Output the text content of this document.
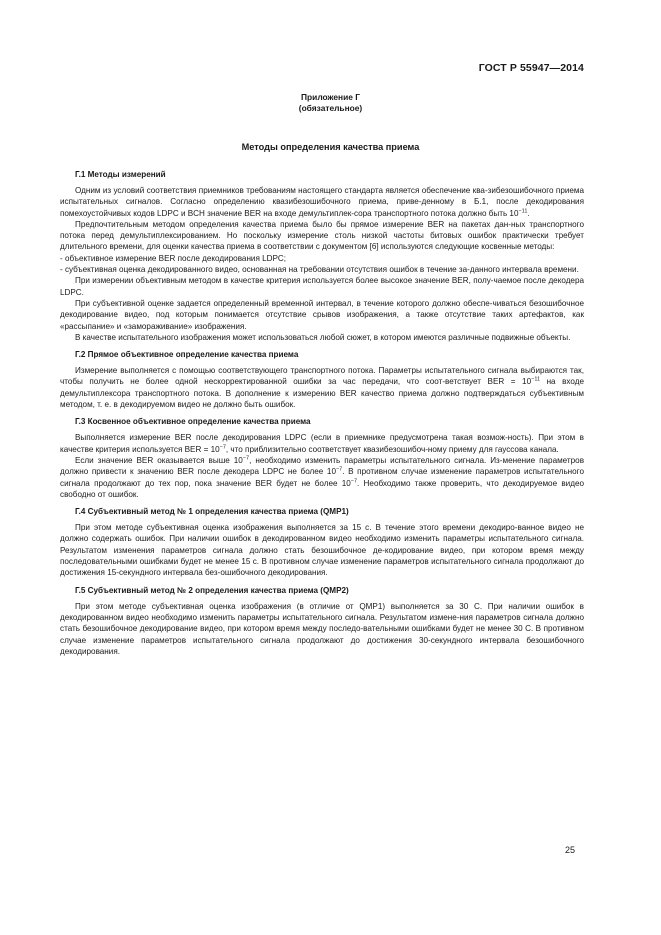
ГОСТ Р 55947—2014
Приложение Г
(обязательное)
Методы определения качества приема
Г.1 Методы измерений

Одним из условий соответствия приемников требованиям настоящего стандарта является обеспечение ква-зибезошибочного приема испытательных сигналов. Согласно определению квазибезошибочного приема, приве-денному в Б.1, после декодирования помехоустойчивых кодов LDPC и BCH значение BER на входе демультиплек-сора транспортного потока должно быть $10^{-11}$.

Предпочтительным методом определения качества приема было бы прямое измерение BER на пакетах дан-ных транспортного потока перед демультиплексированием. Но поскольку измерение столь низкой частоты битовых ошибок практически требует длительного времени, для оценки качества приема в соответствии с документом [6] используются следующие косвенные методы:

- объективное измерение BER после декодирования LDPC;

- субъективная оценка декодированного видео, основанная на требовании отсутствия ошибок в течение за-данного интервала времени.

При измерении объективным методом в качестве критерия используется более высокое значение BER, полу-чаемое после декодера LDPC.

При субъективной оценке задается определенный временной интервал, в течение которого должно обеспе-чиваться безошибочное декодирование видео, под которым понимается отсутствие срывов изображения, а также отсутствие таких артефактов, как «рассыпание» и «замораживание» изображения.

В качестве испытательного изображения может использоваться любой сюжет, в котором имеются различные подвижные объекты.

Г.2 Прямое объективное определение качества приема

Измерение выполняется с помощью соответствующего транспортного потока. Параметры испытательного сигнала выбираются так, чтобы получить не более одной нескорректированной ошибки за час передачи, что соот-ветствует BER = $10^{-11}$ на входе демультиплексора транспортного потока. В дополнение к измерению BER качество приема должно подтверждаться субъективным методом, т. е. в декодируемом видео не должно быть ошибок.

Г.3 Косвенное объективное определение качества приема

Выполняется измерение BER после декодирования LDPC (если в приемнике предусмотрена такая возмож-ность). При этом в качестве критерия используется BER = $10^{-7}$, что приблизительно соответствует квазибезошибоч-ному приему для гауссова канала.

Если значение BER оказывается выше $10^{-7}$, необходимо изменить параметры испытательного сигнала. Из-менение параметров должно привести к значению BER после декодера LDPC не более $10^{-7}$. В противном случае изменение параметров испытательного сигнала продолжают до тех пор, пока значение BER будет не более $10^{-7}$. Необходимо также проверить, что декодируемое видео свободно от ошибок.

Г.4 Субъективный метод № 1 определения качества приема (QMP1)

При этом методе субъективная оценка изображения выполняется за 15 с. В течение этого времени декодиро-ванное видео не должно содержать ошибок. При наличии ошибок в декодированном видео необходимо изменить параметры испытательного сигнала. Результатом изменения параметров сигнала должно стать безошибочное де-кодирование видео, при котором время между последовательными ошибками будет не менее 15 с. В противном случае изменение параметров испытательного сигнала продолжают до достижения 15-секундного интервала без-ошибочного декодирования.

Г.5 Субъективный метод № 2 определения качества приема (QMP2)

При этом методе субъективная оценка изображения (в отличие от QMP1) выполняется за 30 С. При наличии ошибок в декодированном видео необходимо изменить параметры испытательного сигнала. Результатом измене-ния параметров сигнала должно стать безошибочное декодирование видео, при котором время между последо-вательными ошибками будет не менее 30 С. В противном случае изменение параметров испытательного сигнала продолжают до достижения 30-секундного интервала безошибочного декодирования.

25
